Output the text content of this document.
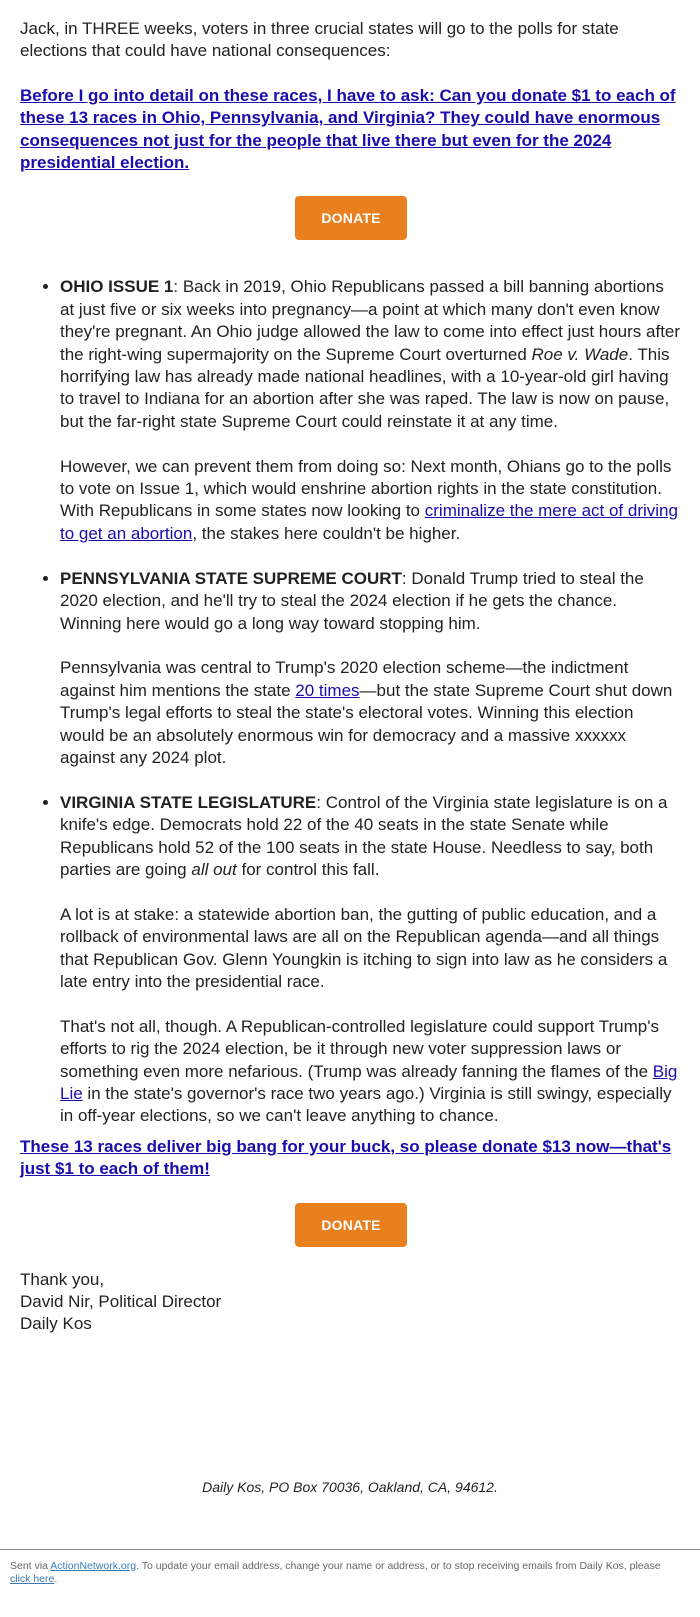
Jack, in THREE weeks, voters in three crucial states will go to the polls for state elections that could have national consequences:

Before I go into detail on these races, I have to ask: Can you donate $1 to each of these 13 races in Ohio, Pennsylvania, and Virginia? They could have enormous consequences not just for the people that live there but even for the 2024 presidential election.
DONATE

• OHIO ISSUE 1: Back in 2019, Ohio Republicans passed a bill banning abortions at just five or six weeks into pregnancy—a point at which many don't even know they're pregnant. An Ohio judge allowed the law to come into effect just hours after the right-wing supermajority on the Supreme Court overturned Roe v. Wade. This horrifying law has already made national headlines, with a 10-year-old girl having to travel to Indiana for an abortion after she was raped. The law is now on pause, but the far-right state Supreme Court could reinstate it at any time.

However, we can prevent them from doing so: Next month, Ohians go to the polls to vote on Issue 1, which would enshrine abortion rights in the state constitution. With Republicans in some states now looking to criminalize the mere act of driving to get an abortion, the stakes here couldn't be higher.

• PENNSYLVANIA STATE SUPREME COURT: Donald Trump tried to steal the 2020 election, and he'll try to steal the 2024 election if he gets the chance. Winning here would go a long way toward stopping him.

Pennsylvania was central to Trump's 2020 election scheme—the indictment against him mentions the state 20 times—but the state Supreme Court shut down Trump's legal efforts to steal the state's electoral votes. Winning this election would be an absolutely enormous win for democracy and a massive xxxxxx against any 2024 plot.

• VIRGINIA STATE LEGISLATURE: Control of the Virginia state legislature is on a knife's edge. Democrats hold 22 of the 40 seats in the state Senate while Republicans hold 52 of the 100 seats in the state House. Needless to say, both parties are going all out for control this fall.

A lot is at stake: a statewide abortion ban, the gutting of public education, and a rollback of environmental laws are all on the Republican agenda—and all things that Republican Gov. Glenn Youngkin is itching to sign into law as he considers a late entry into the presidential race.

That's not all, though. A Republican-controlled legislature could support Trump's efforts to rig the 2024 election, be it through new voter suppression laws or something even more nefarious. (Trump was already fanning the flames of the Big Lie in the state's governor's race two years ago.) Virginia is still swingy, especially in off-year elections, so we can't leave anything to chance.

These 13 races deliver big bang for your buck, so please donate $13 now—that's just $1 to each of them!
DONATE

Thank you,

David Nir, Political Director

Daily Kos

Daily Kos, PO Box 70036, Oakland, CA, 94612.
Sent via ActionNetwork.org. To update your email address, change your name or address, or to stop receiving emails from Daily Kos, please click here.
